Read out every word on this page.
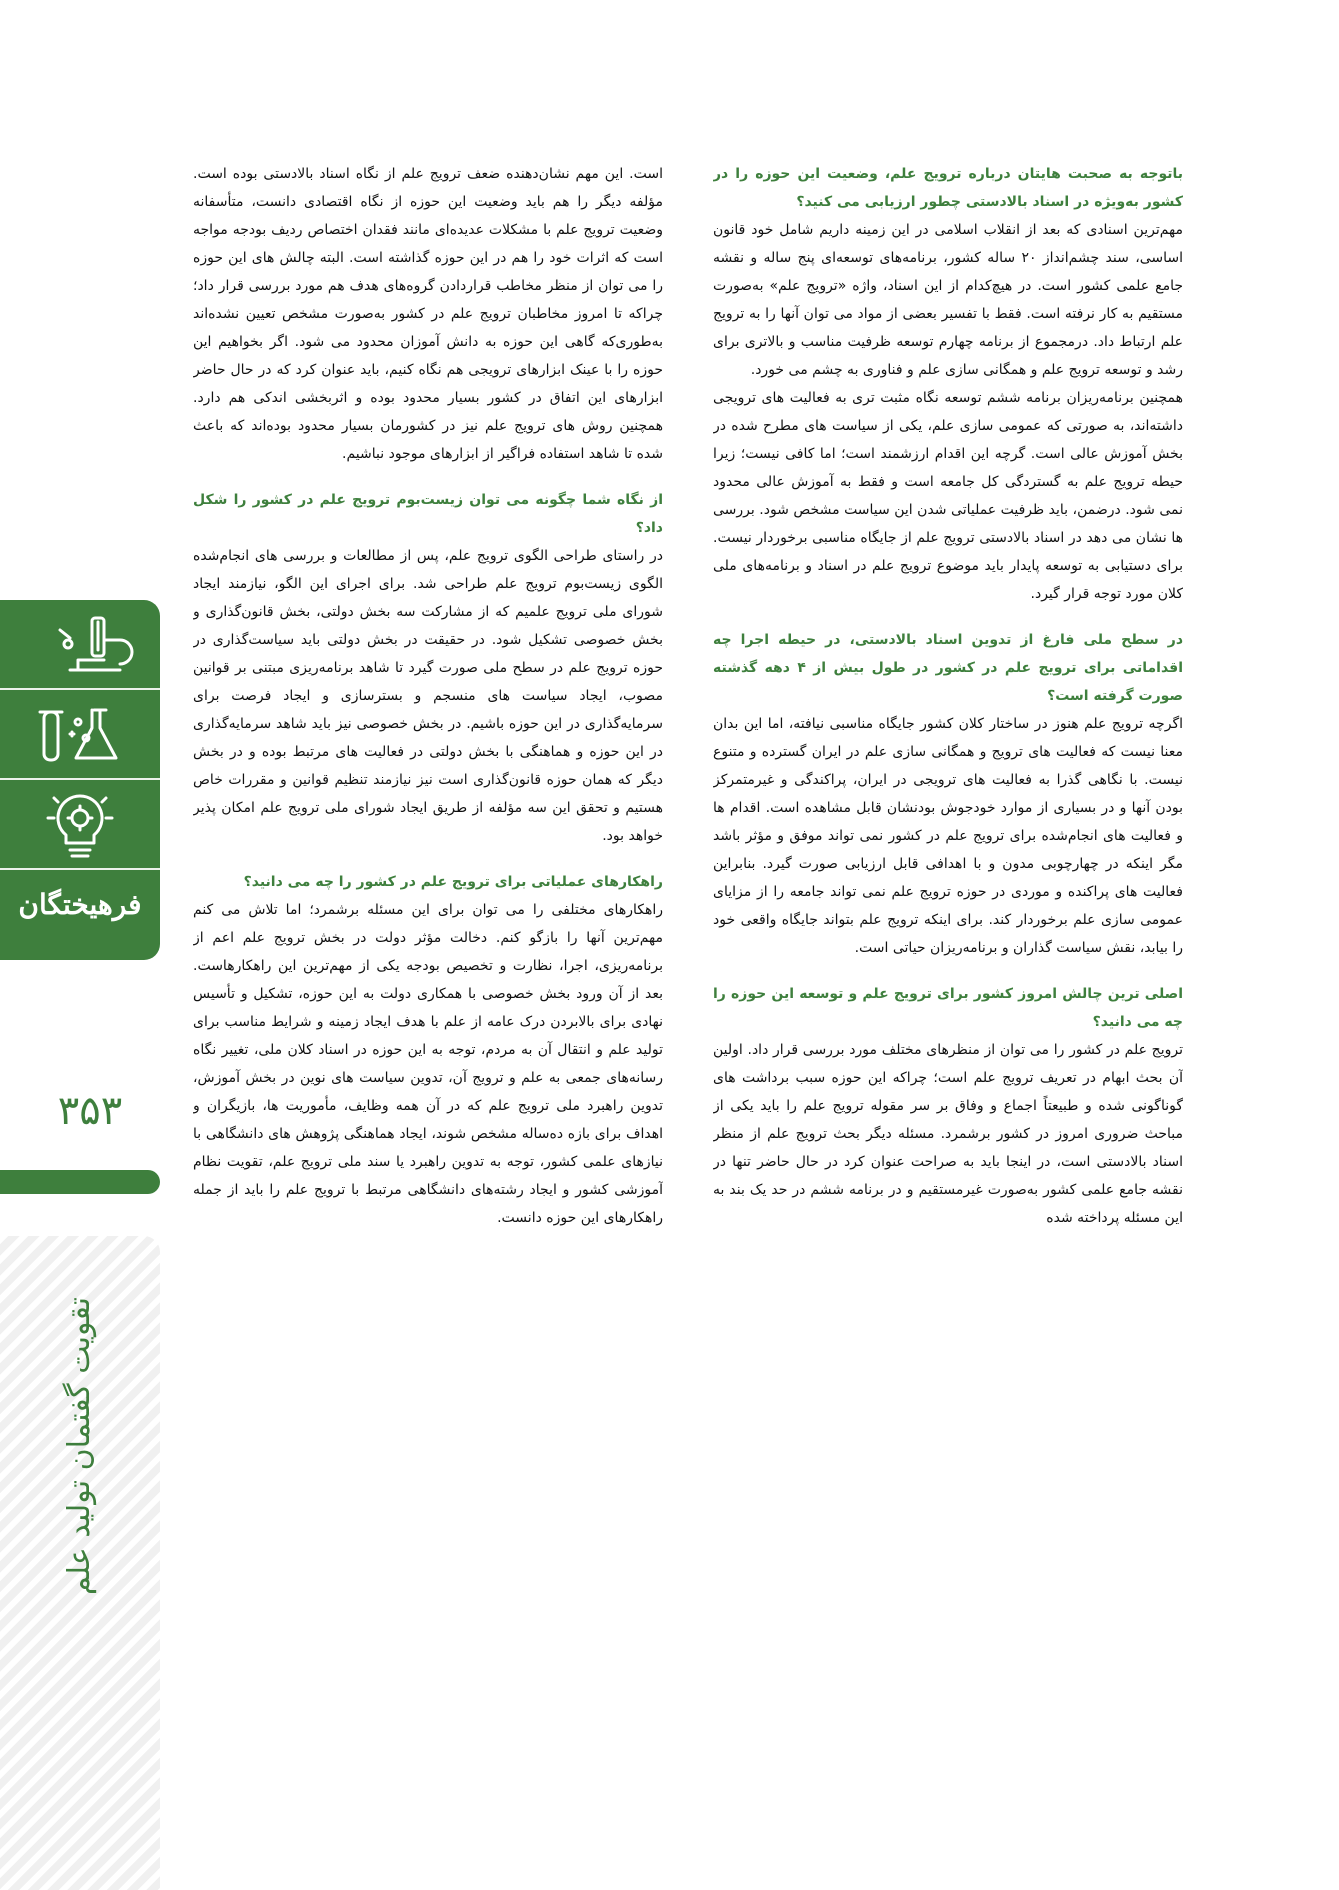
باتوجه به صحبت هایتان درباره ترویج علم، وضعیت این حوزه را در کشور به‌ویژه در اسناد بالادستی چطور ارزیابی می کنید؟

مهم‌ترین اسنادی که بعد از انقلاب اسلامی در این زمینه داریم شامل خود قانون اساسی، سند چشم‌انداز ۲۰ ساله کشور، برنامه‌های توسعه‌ای پنج ساله و نقشه جامع علمی کشور است. در هیچ‌کدام از این اسناد، واژه «ترویج علم» به‌صورت مستقیم به کار نرفته است. فقط با تفسیر بعضی از مواد می توان آنها را به ترویج علم ارتباط داد. درمجموع از برنامه چهارم توسعه ظرفیت مناسب و بالاتری برای رشد و توسعه ترویج علم و همگانی سازی علم و فناوری به چشم می خورد.

همچنین برنامه‌ریزان برنامه ششم توسعه نگاه مثبت تری به فعالیت های ترویجی داشته‌اند، به صورتی که عمومی سازی علم، یکی از سیاست های مطرح شده در بخش آموزش عالی است. گرچه این اقدام ارزشمند است؛ اما کافی نیست؛ زیرا حیطه ترویج علم به گستردگی کل جامعه است و فقط به آموزش عالی محدود نمی شود. درضمن، باید ظرفیت عملیاتی شدن این سیاست مشخص شود. بررسی ها نشان می دهد در اسناد بالادستی ترویج علم از جایگاه مناسبی برخوردار نیست. برای دستیابی به توسعه پایدار باید موضوع ترویج علم در اسناد و برنامه‌های ملی کلان مورد توجه قرار گیرد.

در سطح ملی فارغ از تدوین اسناد بالادستی، در حیطه اجرا چه اقداماتی برای ترویج علم در کشور در طول بیش از ۴ دهه گذشته صورت گرفته است؟

اگرچه ترویج علم هنوز در ساختار کلان کشور جایگاه مناسبی نیافته، اما این بدان معنا نیست که فعالیت های ترویج و همگانی سازی علم در ایران گسترده و متنوع نیست. با نگاهی گذرا به فعالیت های ترویجی در ایران، پراکندگی و غیرمتمرکز بودن آنها و در بسیاری از موارد خودجوش بودنشان قابل مشاهده است. اقدام ها و فعالیت های انجام‌شده برای ترویج علم در کشور نمی تواند موفق و مؤثر باشد مگر اینکه در چهارچوبی مدون و با اهدافی قابل ارزیابی صورت گیرد. بنابراین فعالیت های پراکنده و موردی در حوزه ترویج علم نمی تواند جامعه را از مزایای عمومی سازی علم برخوردار کند. برای اینکه ترویج علم بتواند جایگاه واقعی خود را بیابد، نقش سیاست گذاران و برنامه‌ریزان حیاتی است.

اصلی ترین چالش امروز کشور برای ترویج علم و توسعه این حوزه را چه می دانید؟

ترویج علم در کشور را می توان از منظرهای مختلف مورد بررسی قرار داد. اولین آن بحث ابهام در تعریف ترویج علم است؛ چراکه این حوزه سبب برداشت های گوناگونی شده و طبیعتاً اجماع و وفاق بر سر مقوله ترویج علم را باید یکی از مباحث ضروری امروز در کشور برشمرد. مسئله دیگر بحث ترویج علم از منظر اسناد بالادستی است، در اینجا باید به صراحت عنوان کرد در حال حاضر تنها در نقشه جامع علمی کشور به‌صورت غیرمستقیم و در برنامه ششم در حد یک بند به این مسئله پرداخته شده

است. این مهم نشان‌دهنده ضعف ترویج علم از نگاه اسناد بالادستی بوده است. مؤلفه دیگر را هم باید وضعیت این حوزه از نگاه اقتصادی دانست، متأسفانه وضعیت ترویج علم با مشکلات عدیده‌ای مانند فقدان اختصاص ردیف بودجه مواجه است که اثرات خود را هم در این حوزه گذاشته است. البته چالش های این حوزه را می توان از منظر مخاطب قراردادن گروه‌های هدف هم مورد بررسی قرار داد؛ چراکه تا امروز مخاطبان ترویج علم در کشور به‌صورت مشخص تعیین نشده‌اند به‌طوری‌که گاهی این حوزه به دانش آموزان محدود می شود. اگر بخواهیم این حوزه را با عینک ابزارهای ترویجی هم نگاه کنیم، باید عنوان کرد که در حال حاضر ابزارهای این اتفاق در کشور بسیار محدود بوده و اثربخشی اندکی هم دارد. همچنین روش های ترویج علم نیز در کشورمان بسیار محدود بوده‌اند که باعث شده تا شاهد استفاده فراگیر از ابزارهای موجود نباشیم.

از نگاه شما چگونه می توان زیست‌بوم ترویج علم در کشور را شکل داد؟

در راستای طراحی الگوی ترویج علم، پس از مطالعات و بررسی های انجام‌شده الگوی زیست‌بوم ترویج علم طراحی شد. برای اجرای این الگو، نیازمند ایجاد شورای ملی ترویج علمیم که از مشارکت سه بخش دولتی، بخش قانون‌گذاری و بخش خصوصی تشکیل شود. در حقیقت در بخش دولتی باید سیاست‌گذاری در حوزه ترویج علم در سطح ملی صورت گیرد تا شاهد برنامه‌ریزی مبتنی بر قوانین مصوب، ایجاد سیاست های منسجم و بسترسازی و ایجاد فرصت برای سرمایه‌گذاری در این حوزه باشیم. در بخش خصوصی نیز باید شاهد سرمایه‌گذاری در این حوزه و هماهنگی با بخش دولتی در فعالیت های مرتبط بوده و در بخش دیگر که همان حوزه قانون‌گذاری است نیز نیازمند تنظیم قوانین و مقررات خاص‌ هستیم و تحقق این سه مؤلفه از طریق ایجاد شورای ملی ترویج علم امکان پذیر خواهد بود.

راهکارهای عملیاتی برای ترویج علم در کشور را چه می دانید؟

راهکارهای مختلفی را می توان برای این مسئله برشمرد؛ اما تلاش می کنم مهم‌ترین آنها را بازگو کنم. دخالت مؤثر دولت در بخش ترویج علم اعم از برنامه‌ریزی، اجرا، نظارت و تخصیص بودجه یکی از مهم‌ترین این راهکارهاست. بعد از آن ورود بخش خصوصی با همکاری دولت به این حوزه، تشکیل و تأسیس نهادی برای بالابردن درک عامه از علم با هدف ایجاد زمینه و شرایط مناسب برای تولید علم و انتقال آن به مردم، توجه به این حوزه در اسناد کلان ملی، تغییر نگاه رسانه‌های جمعی به علم و ترویج آن، تدوین سیاست های نوین در بخش آموزش، تدوین راهبرد ملی ترویج علم که در آن همه وظایف، مأموریت ها، بازیگران و اهداف برای بازه ده‌ساله مشخص شوند، ایجاد هماهنگی پژوهش های دانشگاهی با نیازهای علمی کشور، توجه به تدوین راهبرد یا سند ملی ترویج علم، تقویت نظام آموزشی کشور و ایجاد رشته‌های دانشگاهی مرتبط با ترویج علم را باید از جمله راهکارهای این حوزه دانست.

فرهیختگان
۳۵۳
تقویت گفتمان تولید علم
